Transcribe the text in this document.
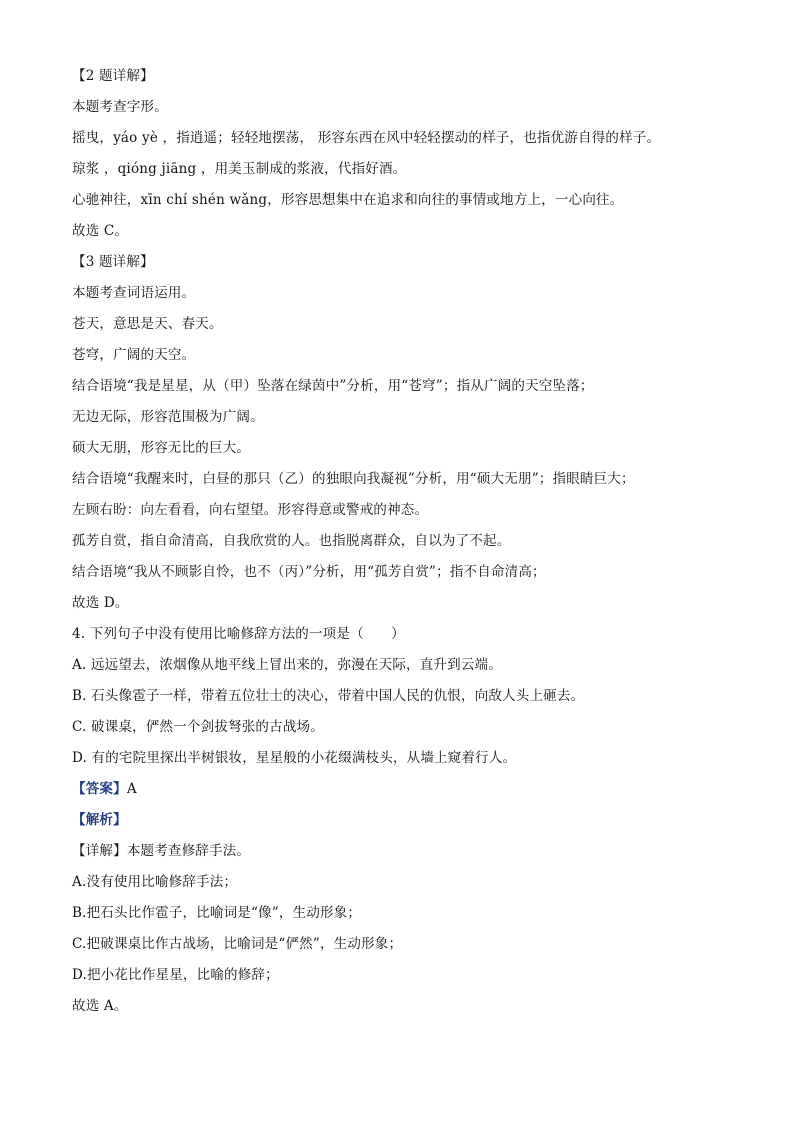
【2 题详解】
本题考查字形。
摇曳，yáo yè ，指逍遥；轻轻地摆荡， 形容东西在风中轻轻摆动的样子，也指优游自得的样子。
琼浆 ，qióng jiāng ，用美玉制成的浆液，代指好酒。
心驰神往，xīn chí shén wǎng，形容思想集中在追求和向往的事情或地方上，一心向往。
故选 C。
【3 题详解】
本题考查词语运用。
苍天，意思是天、春天。
苍穹，广阔的天空。
结合语境“我是星星，从（甲）坠落在绿茵中”分析，用“苍穹”；指从广阔的天空坠落；
无边无际，形容范围极为广阔。
硕大无朋，形容无比的巨大。
结合语境“我醒来时，白昼的那只（乙）的独眼向我凝视”分析，用“硕大无朋”；指眼睛巨大；
左顾右盼：向左看看，向右望望。形容得意或警戒的神态。
孤芳自赏，指自命清高，自我欣赏的人。也指脱离群众，自以为了不起。
结合语境“我从不顾影自怜，也不（丙）”分析，用“孤芳自赏”；指不自命清高；
故选 D。
4. 下列句子中没有使用比喻修辞方法的一项是（　　）
A. 远远望去，浓烟像从地平线上冒出来的，弥漫在天际，直升到云端。
B. 石头像雹子一样，带着五位壮士的决心，带着中国人民的仇恨，向敌人头上砸去。
C. 破课桌，俨然一个剑拔弩张的古战场。
D. 有的宅院里探出半树银妆，星星般的小花缀满枝头，从墙上窥着行人。
【答案】A
【解析】
【详解】本题考查修辞手法。
A.没有使用比喻修辞手法；
B.把石头比作雹子，比喻词是“像”，生动形象；
C.把破课桌比作古战场，比喻词是“俨然”，生动形象；
D.把小花比作星星，比喻的修辞；
故选 A。
